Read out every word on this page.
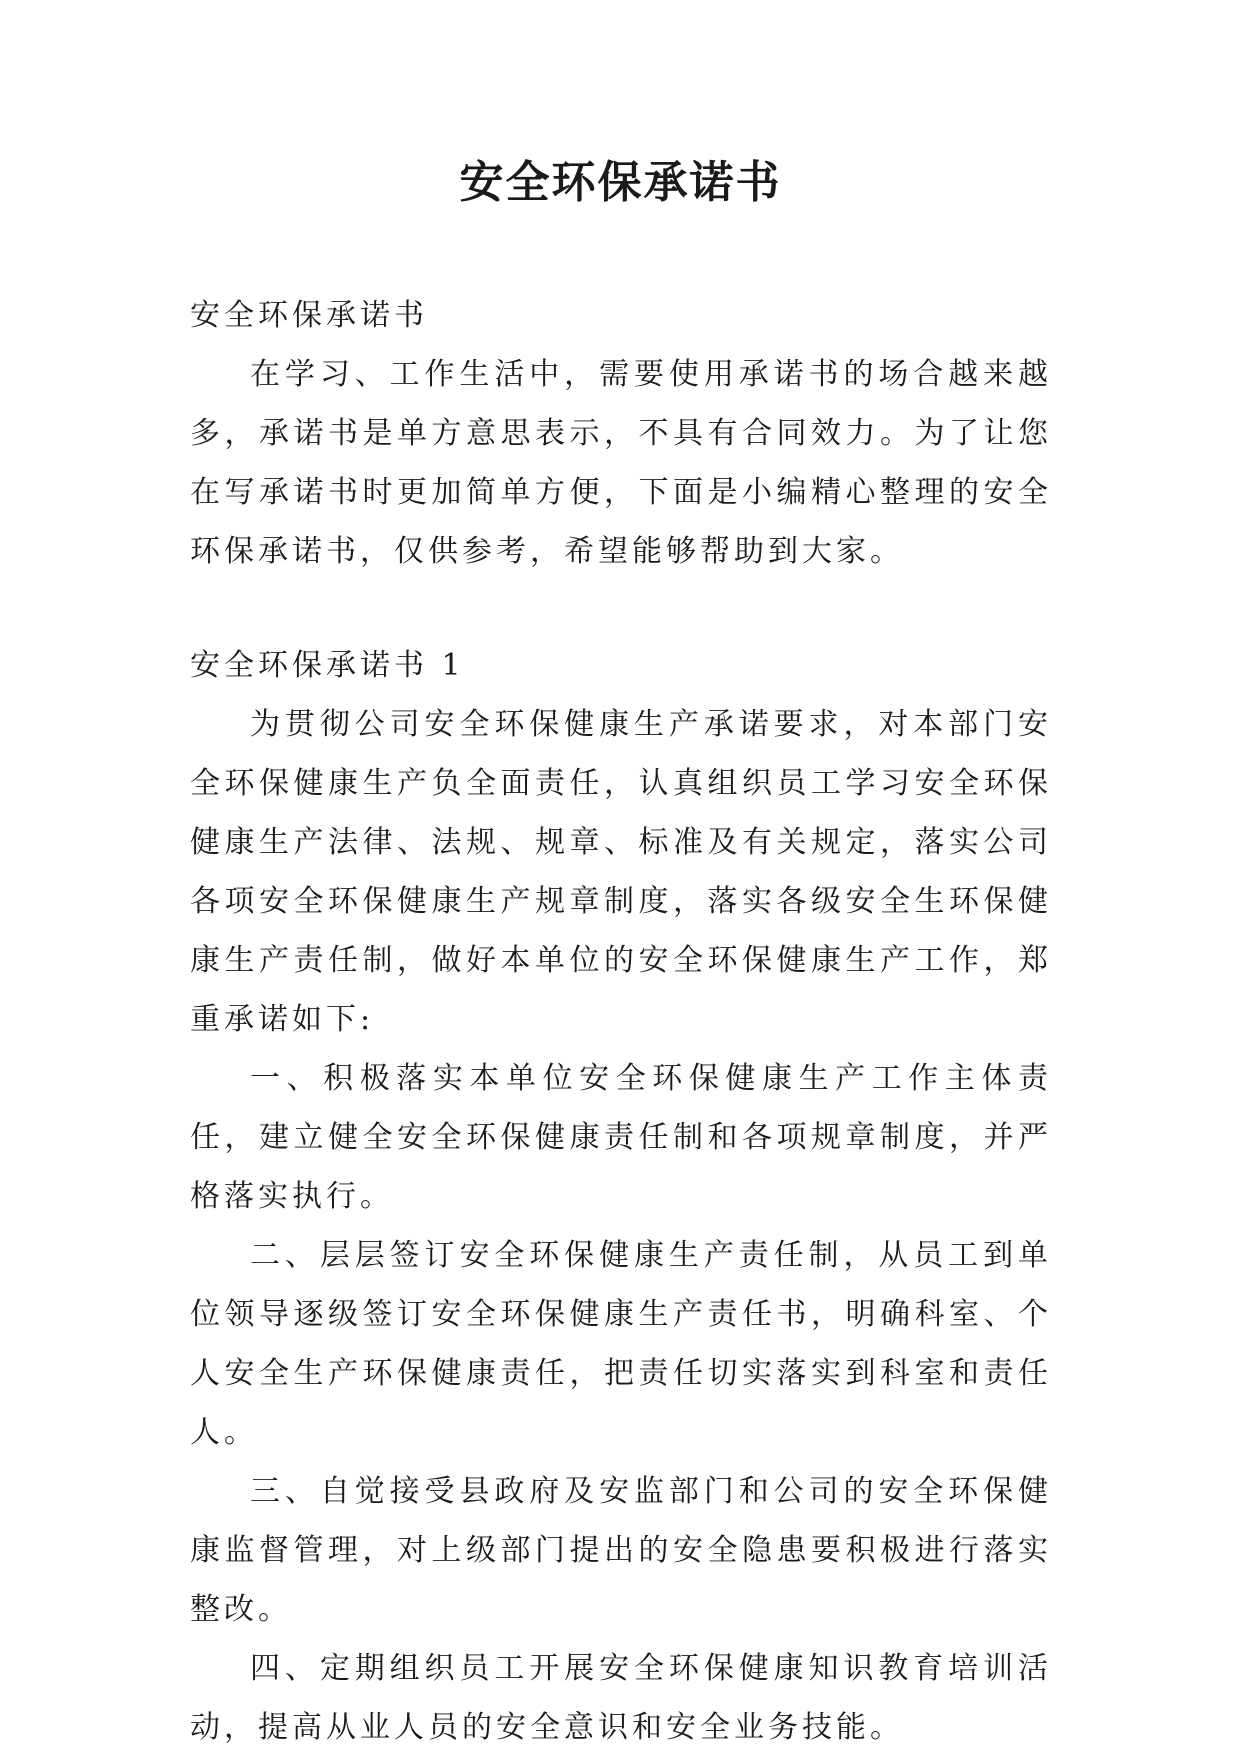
安全环保承诺书

安全环保承诺书

在学习、工作生活中，需要使用承诺书的场合越来越多，承诺书是单方意思表示，不具有合同效力。为了让您在写承诺书时更加简单方便，下面是小编精心整理的安全环保承诺书，仅供参考，希望能够帮助到大家。

安全环保承诺书 1

为贯彻公司安全环保健康生产承诺要求，对本部门安全环保健康生产负全面责任，认真组织员工学习安全环保健康生产法律、法规、规章、标准及有关规定，落实公司各项安全环保健康生产规章制度，落实各级安全生环保健康生产责任制，做好本单位的安全环保健康生产工作，郑重承诺如下:

一、积极落实本单位安全环保健康生产工作主体责任，建立健全安全环保健康责任制和各项规章制度，并严格落实执行。

二、层层签订安全环保健康生产责任制，从员工到单位领导逐级签订安全环保健康生产责任书，明确科室、个人安全生产环保健康责任，把责任切实落实到科室和责任人。

三、自觉接受县政府及安监部门和公司的安全环保健康监督管理，对上级部门提出的安全隐患要积极进行落实整改。

四、定期组织员工开展安全环保健康知识教育培训活动，提高从业人员的安全意识和安全业务技能。
